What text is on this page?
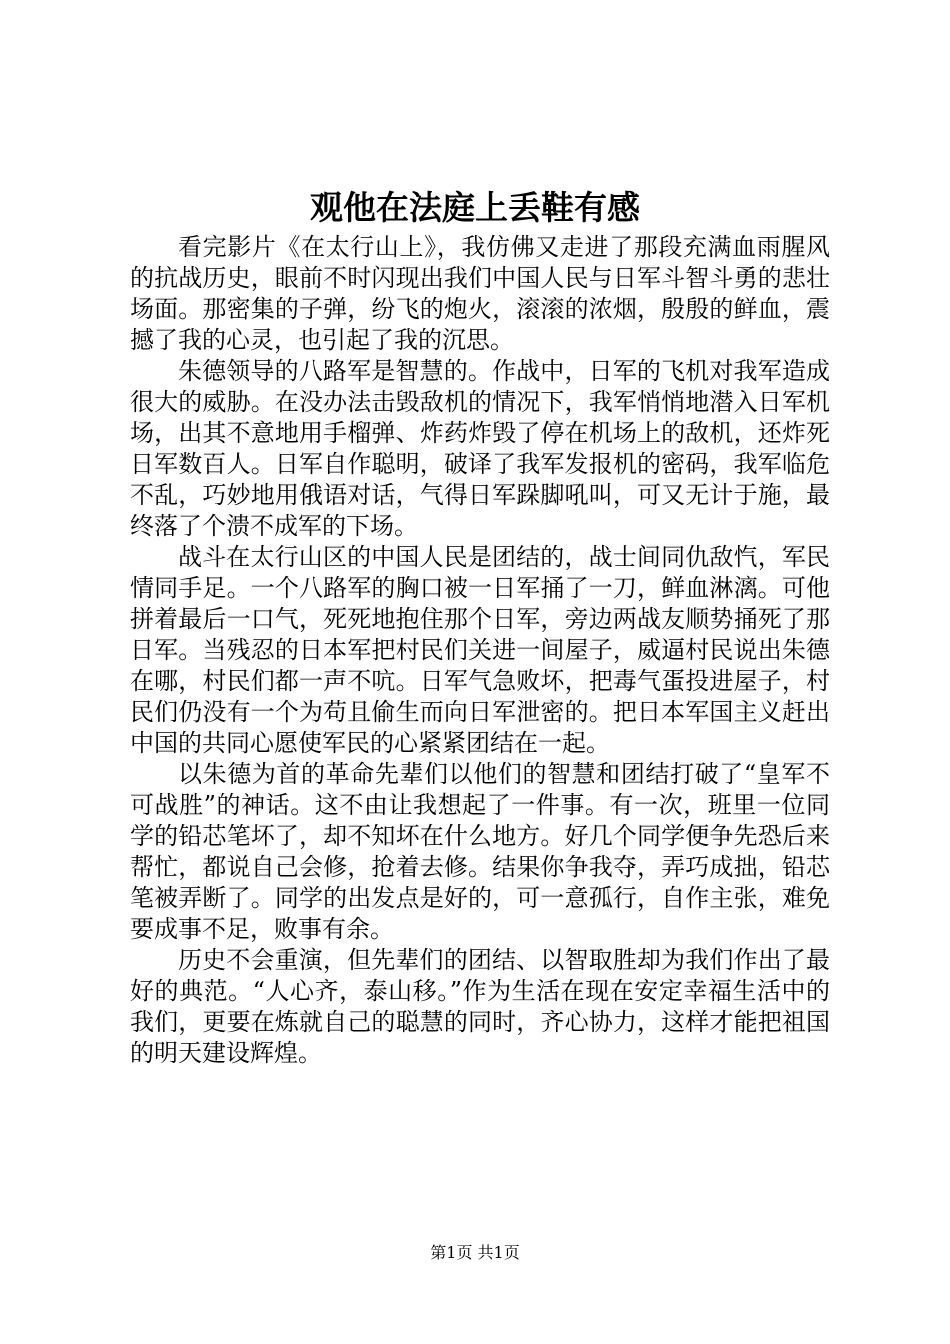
观他在法庭上丢鞋有感

看完影片《在太行山上》，我仿佛又走进了那段充满血雨腥风的抗战历史，眼前不时闪现出我们中国人民与日军斗智斗勇的悲壮场面。那密集的子弹，纷飞的炮火，滚滚的浓烟，殷殷的鲜血，震撼了我的心灵，也引起了我的沉思。

朱德领导的八路军是智慧的。作战中，日军的飞机对我军造成很大的威胁。在没办法击毁敌机的情况下，我军悄悄地潜入日军机场，出其不意地用手榴弹、炸药炸毁了停在机场上的敌机，还炸死日军数百人。日军自作聪明，破译了我军发报机的密码，我军临危不乱，巧妙地用俄语对话，气得日军跺脚吼叫，可又无计于施，最终落了个溃不成军的下场。

战斗在太行山区的中国人民是团结的，战士间同仇敌忾，军民情同手足。一个八路军的胸口被一日军捅了一刀，鲜血淋漓。可他拼着最后一口气，死死地抱住那个日军，旁边两战友顺势捅死了那日军。当残忍的日本军把村民们关进一间屋子，威逼村民说出朱德在哪，村民们都一声不吭。日军气急败坏，把毒气蛋投进屋子，村民们仍没有一个为苟且偷生而向日军泄密的。把日本军国主义赶出中国的共同心愿使军民的心紧紧团结在一起。

以朱德为首的革命先辈们以他们的智慧和团结打破了“皇军不可战胜”的神话。这不由让我想起了一件事。有一次，班里一位同学的铅芯笔坏了，却不知坏在什么地方。好几个同学便争先恐后来帮忙，都说自己会修，抢着去修。结果你争我夺，弄巧成拙，铅芯笔被弄断了。同学的出发点是好的，可一意孤行，自作主张，难免要成事不足，败事有余。

历史不会重演，但先辈们的团结、以智取胜却为我们作出了最好的典范。“人心齐，泰山移。”作为生活在现在安定幸福生活中的我们，更要在炼就自己的聪慧的同时，齐心协力，这样才能把祖国的明天建设辉煌。

第1页 共1页
